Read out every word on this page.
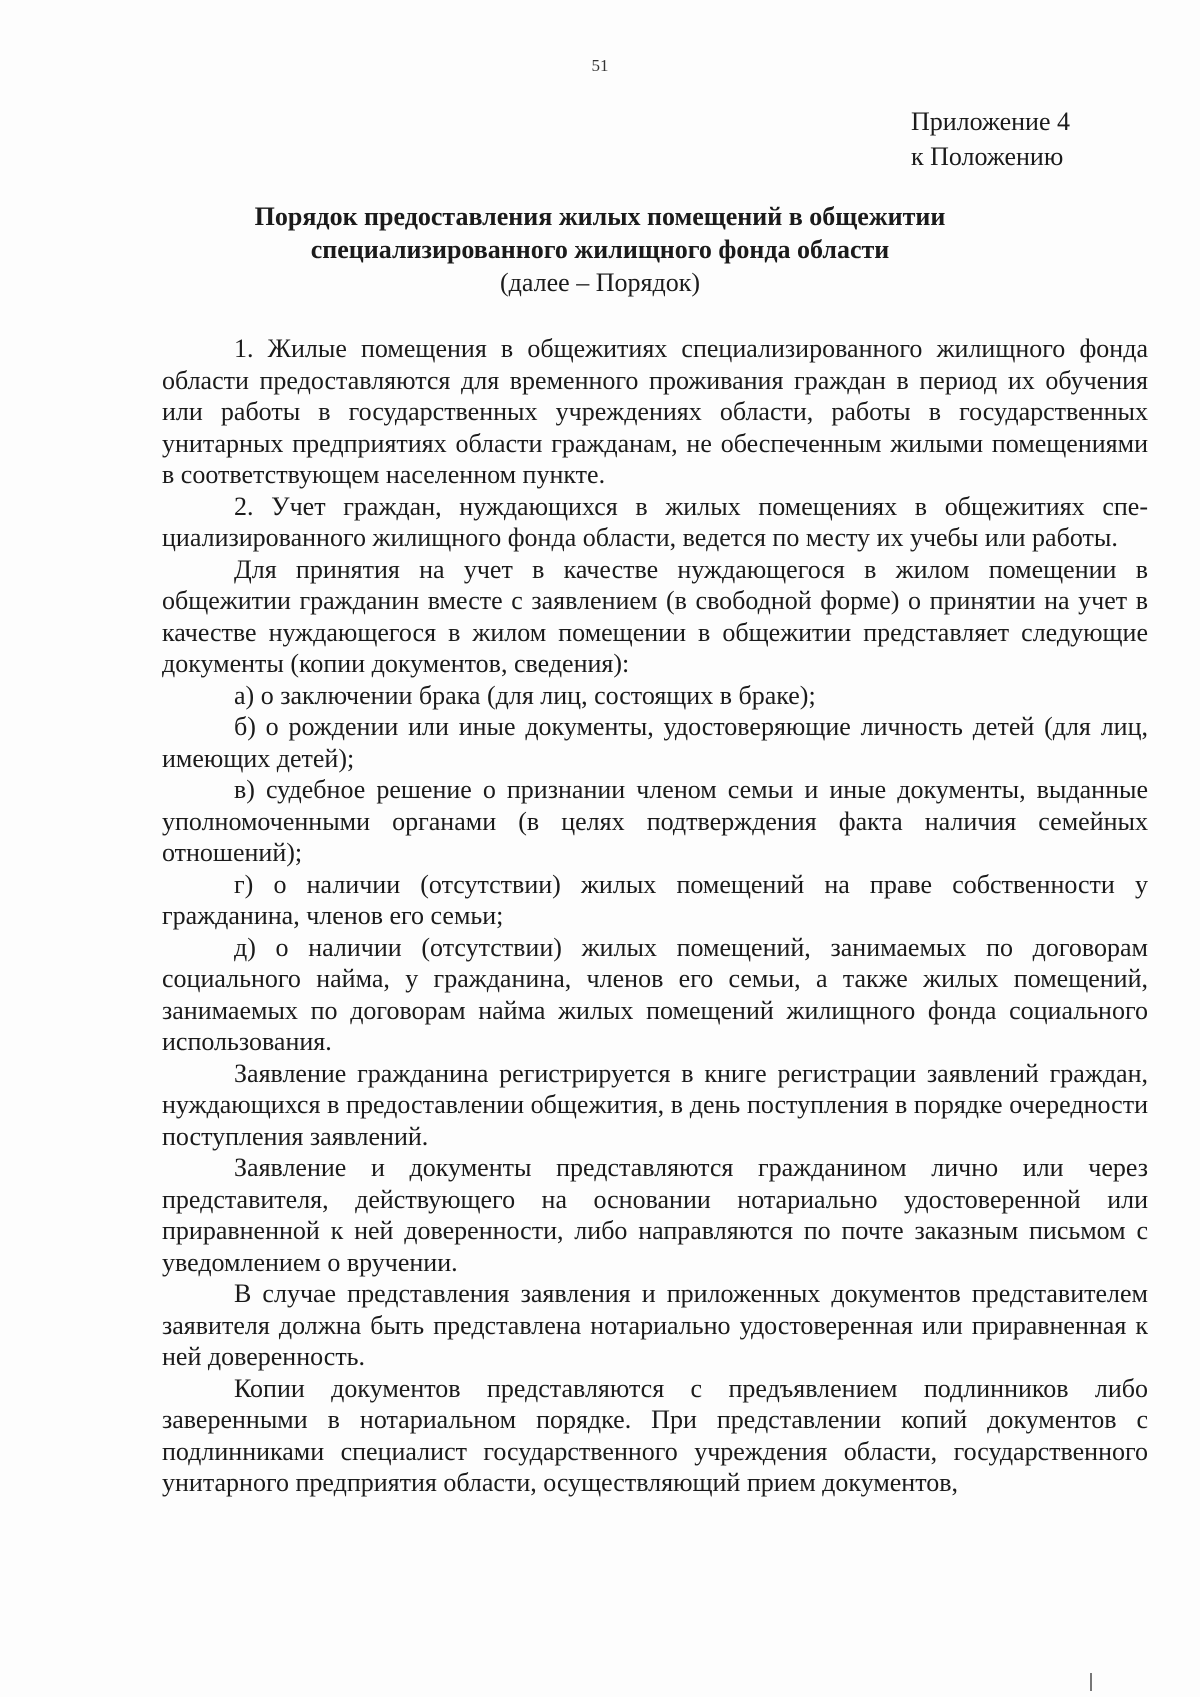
51
Приложение 4
к Положению
Порядок предоставления жилых помещений в общежитии
специализированного жилищного фонда области
(далее – Порядок)

1. Жилые помещения в общежитиях специализированного жилищного фонда области предоставляются для временного проживания граждан в период их обучения или работы в государственных учреждениях области, работы в государственных унитарных предприятиях области гражданам, не обеспеченным жилыми помещениями в соответствующем населенном пункте.

2. Учет граждан, нуждающихся в жилых помещениях в общежитиях специализированного жилищного фонда области, ведется по месту их учебы или работы.

Для принятия на учет в качестве нуждающегося в жилом помещении в общежитии гражданин вместе с заявлением (в свободной форме) о принятии на учет в качестве нуждающегося в жилом помещении в общежитии представляет следующие документы (копии документов, сведения):

а) о заключении брака (для лиц, состоящих в браке);

б) о рождении или иные документы, удостоверяющие личность детей (для лиц, имеющих детей);

в) судебное решение о признании членом семьи и иные документы, выданные уполномоченными органами (в целях подтверждения факта наличия семейных отношений);

г) о наличии (отсутствии) жилых помещений на праве собственности у гражданина, членов его семьи;

д) о наличии (отсутствии) жилых помещений, занимаемых по договорам социального найма, у гражданина, членов его семьи, а также жилых помещений, занимаемых по договорам найма жилых помещений жилищного фонда социального использования.

Заявление гражданина регистрируется в книге регистрации заявлений граждан, нуждающихся в предоставлении общежития, в день поступления в порядке очередности поступления заявлений.

Заявление и документы представляются гражданином лично или через представителя, действующего на основании нотариально удостоверенной или приравненной к ней доверенности, либо направляются по почте заказным письмом с уведомлением о вручении.

В случае представления заявления и приложенных документов представителем заявителя должна быть представлена нотариально удостоверенная или приравненная к ней доверенность.

Копии документов представляются с предъявлением подлинников либо заверенными в нотариальном порядке. При представлении копий документов с подлинниками специалист государственного учреждения области, государственного унитарного предприятия области, осуществляющий прием документов,
